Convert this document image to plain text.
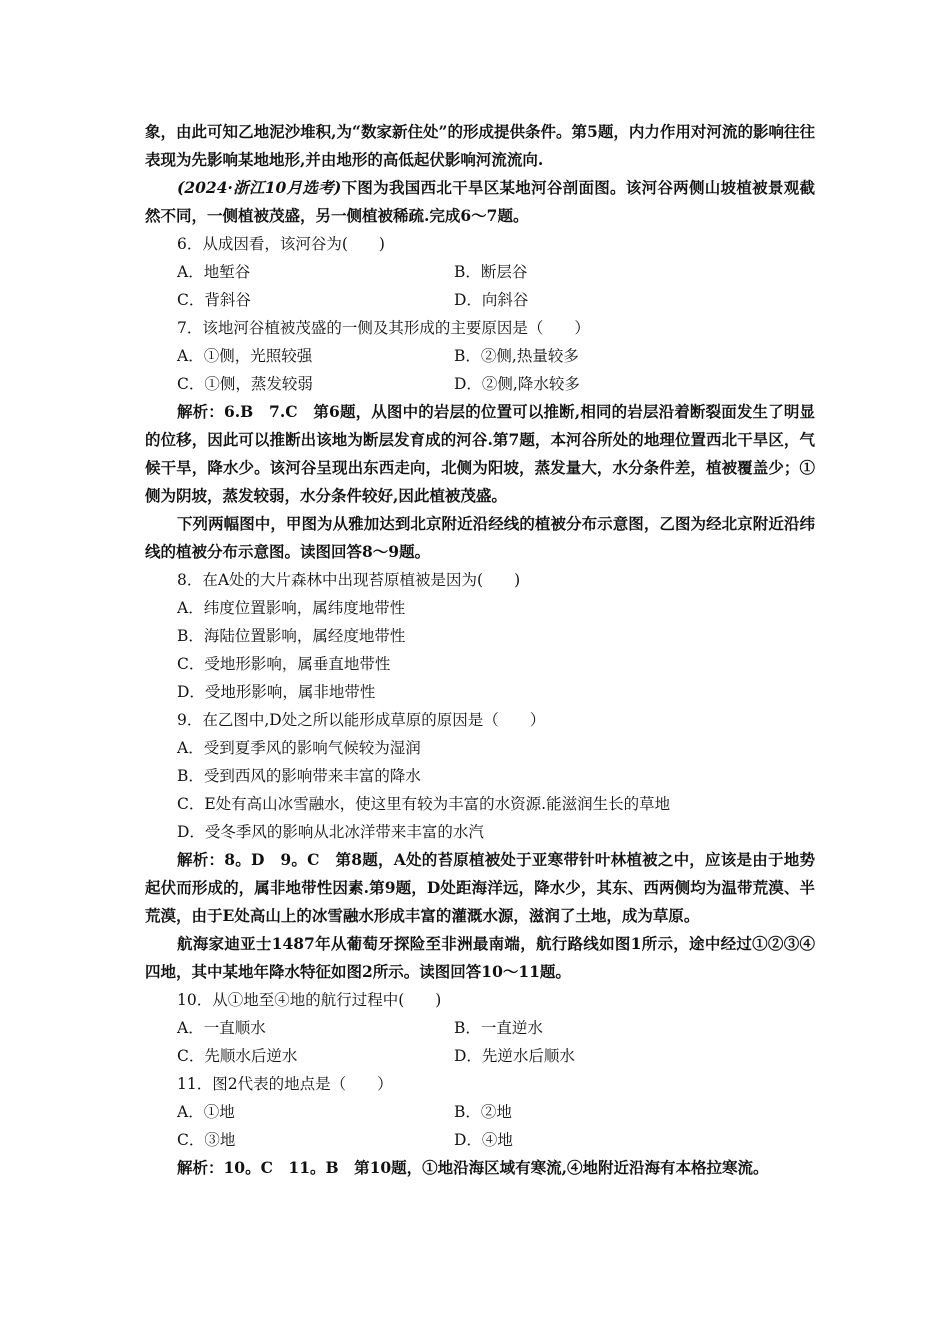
象，由此可知乙地泥沙堆积,为“数家新住处”的形成提供条件。第5题，内力作用对河流的影响往往表现为先影响某地地形,并由地形的高低起伏影响河流流向.

(2024·浙江10月选考)下图为我国西北干旱区某地河谷剖面图。该河谷两侧山坡植被景观截然不同，一侧植被茂盛，另一侧植被稀疏.完成6～7题。

6．从成因看，该河谷为(　　)

A．地堑谷	B．断层谷
C．背斜谷	D．向斜谷

7．该地河谷植被茂盛的一侧及其形成的主要原因是（　　）

A．①侧，光照较强	B．②侧,热量较多
C．①侧，蒸发较弱	D．②侧,降水较多

解析：6.B　7.C　第6题，从图中的岩层的位置可以推断,相同的岩层沿着断裂面发生了明显的位移，因此可以推断出该地为断层发育成的河谷.第7题，本河谷所处的地理位置西北干旱区，气候干旱，降水少。该河谷呈现出东西走向，北侧为阳坡，蒸发量大，水分条件差，植被覆盖少；①侧为阴坡，蒸发较弱，水分条件较好,因此植被茂盛。

下列两幅图中，甲图为从雅加达到北京附近沿经线的植被分布示意图，乙图为经北京附近沿纬线的植被分布示意图。读图回答8～9题。

8．在A处的大片森林中出现苔原植被是因为(　　)

A．纬度位置影响，属纬度地带性

B．海陆位置影响，属经度地带性

C．受地形影响，属垂直地带性

D．受地形影响，属非地带性

9．在乙图中,D处之所以能形成草原的原因是（　　）

A．受到夏季风的影响气候较为湿润

B．受到西风的影响带来丰富的降水

C．E处有高山冰雪融水，使这里有较为丰富的水资源.能滋润生长的草地

D．受冬季风的影响从北冰洋带来丰富的水汽

解析：8。D　9。C　第8题，A处的苔原植被处于亚寒带针叶林植被之中，应该是由于地势起伏而形成的，属非地带性因素.第9题，D处距海洋远，降水少，其东、西两侧均为温带荒漠、半荒漠，由于E处高山上的冰雪融水形成丰富的灌溉水源，滋润了土地，成为草原。

航海家迪亚士1487年从葡萄牙探险至非洲最南端，航行路线如图1所示，途中经过①②③④四地，其中某地年降水特征如图2所示。读图回答10～11题。

10．从①地至④地的航行过程中(　　)

A．一直顺水	B．一直逆水
C．先顺水后逆水	D．先逆水后顺水

11．图2代表的地点是（　　）

A．①地	B．②地
C．③地	D．④地

解析：10。C　11。B　第10题，①地沿海区域有寒流,④地附近沿海有本格拉寒流。
